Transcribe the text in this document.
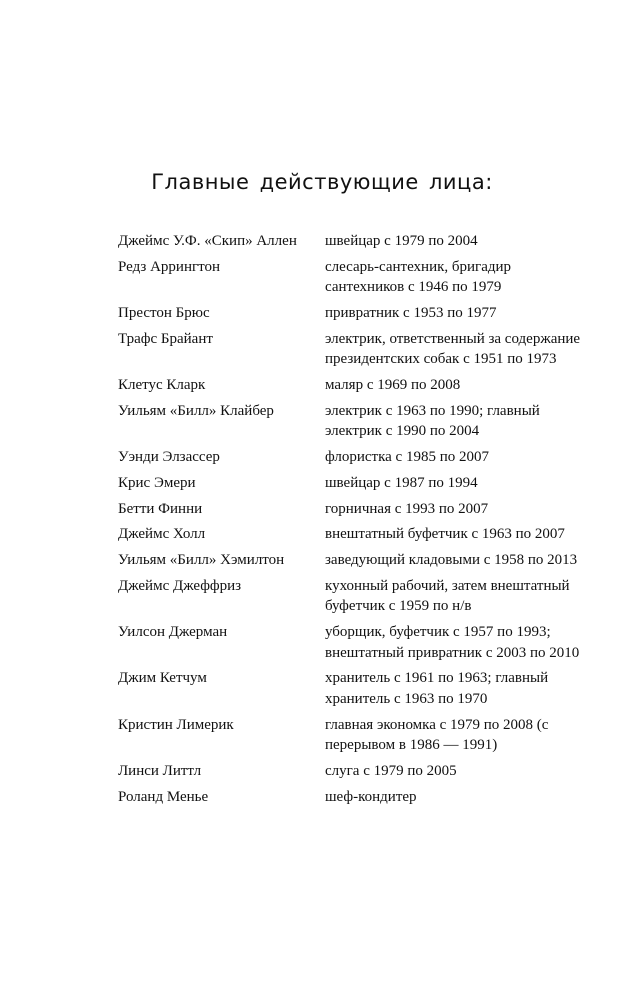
Главные действующие лица:
Джеймс У.Ф. «Скип» Аллен	швейцар с 1979 по 2004
Редз Аррингтон	слесарь-сантехник, бригадир сантехников с 1946 по 1979
Престон Брюс	привратник с 1953 по 1977
Трафс Брайант	электрик, ответственный за содержание президентских собак с 1951 по 1973
Клетус Кларк	маляр с 1969 по 2008
Уильям «Билл» Клайбер	электрик с 1963 по 1990; главный электрик с 1990 по 2004
Уэнди Элзассер	флористка с 1985 по 2007
Крис Эмери	швейцар с 1987 по 1994
Бетти Финни	горничная с 1993 по 2007
Джеймс Холл	внештатный буфетчик с 1963 по 2007
Уильям «Билл» Хэмилтон	заведующий кладовыми с 1958 по 2013
Джеймс Джеффриз	кухонный рабочий, затем внештатный буфетчик с 1959 по н/в
Уилсон Джерман	уборщик, буфетчик с 1957 по 1993; внештатный привратник с 2003 по 2010
Джим Кетчум	хранитель с 1961 по 1963; главный хранитель с 1963 по 1970
Кристин Лимерик	главная экономка с 1979 по 2008 (с перерывом в 1986 — 1991)
Линси Литтл	слуга с 1979 по 2005
Роланд Менье	шеф-кондитер
